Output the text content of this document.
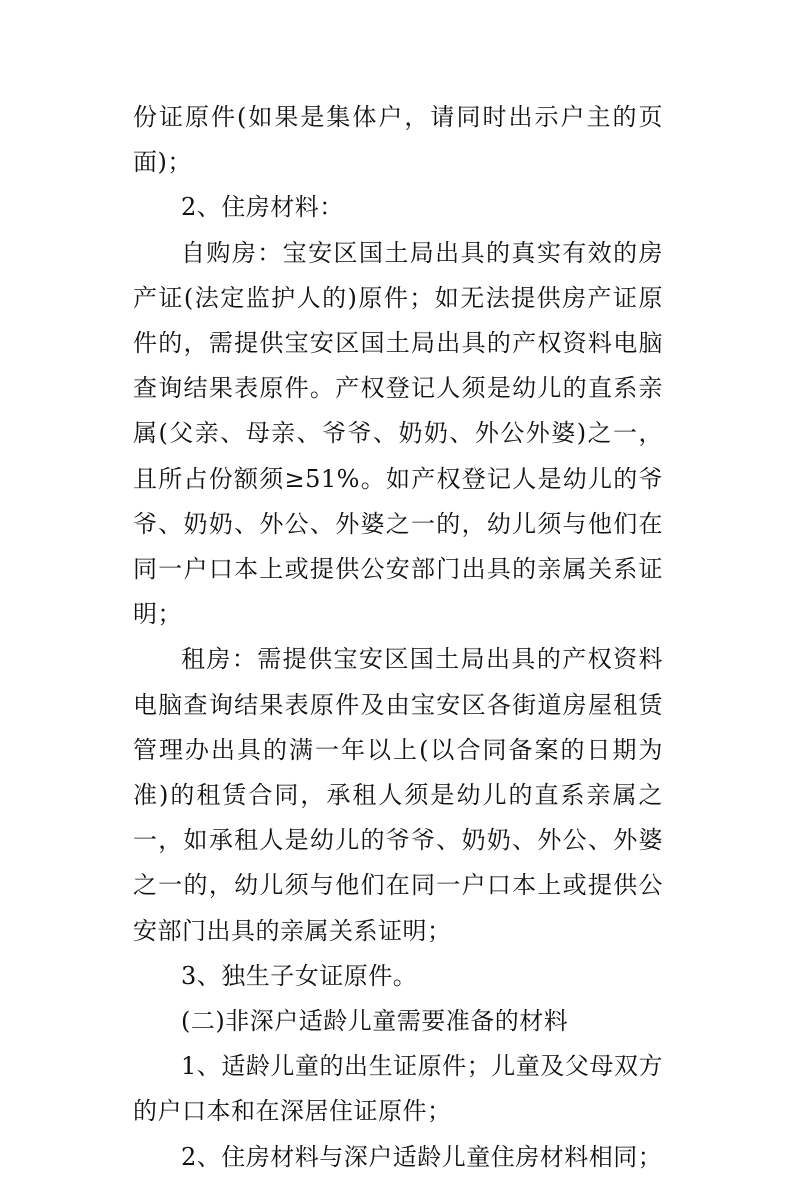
份证原件(如果是集体户，请同时出示户主的页面)；

2、住房材料：

自购房：宝安区国土局出具的真实有效的房产证(法定监护人的)原件；如无法提供房产证原件的，需提供宝安区国土局出具的产权资料电脑查询结果表原件。产权登记人须是幼儿的直系亲属(父亲、母亲、爷爷、奶奶、外公外婆)之一，且所占份额须≥51%。如产权登记人是幼儿的爷爷、奶奶、外公、外婆之一的，幼儿须与他们在同一户口本上或提供公安部门出具的亲属关系证明；

租房：需提供宝安区国土局出具的产权资料电脑查询结果表原件及由宝安区各街道房屋租赁管理办出具的满一年以上(以合同备案的日期为准)的租赁合同，承租人须是幼儿的直系亲属之一，如承租人是幼儿的爷爷、奶奶、外公、外婆之一的，幼儿须与他们在同一户口本上或提供公安部门出具的亲属关系证明；

3、独生子女证原件。

(二)非深户适龄儿童需要准备的材料

1、适龄儿童的出生证原件；儿童及父母双方的户口本和在深居住证原件；

2、住房材料与深户适龄儿童住房材料相同；
